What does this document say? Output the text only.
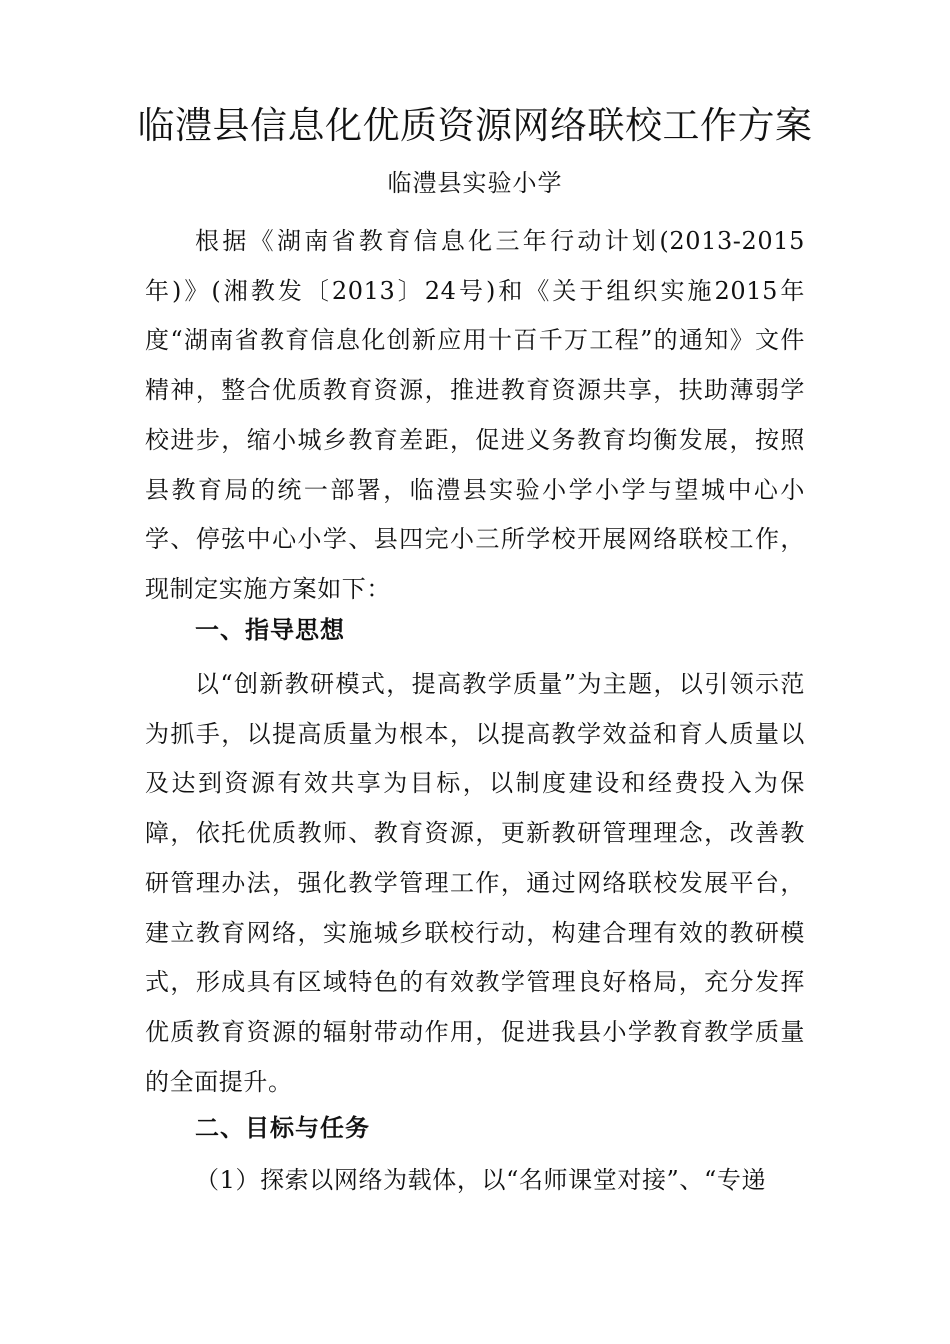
临澧县信息化优质资源网络联校工作方案
临澧县实验小学

根据《湖南省教育信息化三年行动计划(2013-2015年)》(湘教发〔2013〕24号)和《关于组织实施2015年度“湖南省教育信息化创新应用十百千万工程”的通知》文件精神，整合优质教育资源，推进教育资源共享，扶助薄弱学校进步，缩小城乡教育差距，促进义务教育均衡发展，按照县教育局的统一部署，临澧县实验小学小学与望城中心小学、停弦中心小学、县四完小三所学校开展网络联校工作，现制定实施方案如下：

一、指导思想

以“创新教研模式，提高教学质量”为主题，以引领示范为抓手，以提高质量为根本，以提高教学效益和育人质量以及达到资源有效共享为目标，以制度建设和经费投入为保障，依托优质教师、教育资源，更新教研管理理念，改善教研管理办法，强化教学管理工作，通过网络联校发展平台，建立教育网络，实施城乡联校行动，构建合理有效的教研模式，形成具有区域特色的有效教学管理良好格局，充分发挥优质教育资源的辐射带动作用，促进我县小学教育教学质量的全面提升。

二、目标与任务

（1）探索以网络为载体，以“名师课堂对接”、“专递
